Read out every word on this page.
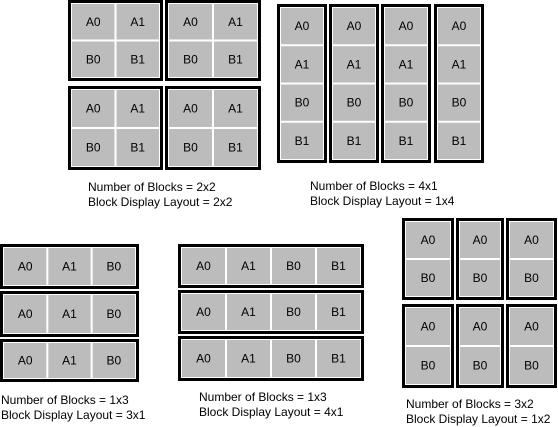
A0 A1
B0 B1
A0	A1
B0	B1
A0 A1
B0 B1
A0	A1
B0	B1
A0
A1
B0
B1
A0
A1
B0
B1
A0
A1
B0
B1
A0
A1
B0
B1
A0 A1 B0
A0 A1 B0
A0 A1 B0
A0	A1	B0	B1
A0	A1	B0	B1
A0	A1	B0	B1
A0
B0
A0
B0
A0
B0
A0
B0
A0
B0
A0
B0
Number of Blocks = 2x2
Block Display Layout = 2x2
Number of Blocks = 4x1
Block Display Layout = 1x4
Number of Blocks = 1x3
Block Display Layout = 3x1
Number of Blocks = 1x3
Block Display Layout = 4x1
Number of Blocks = 3x2
Block Display Layout = 1x2
